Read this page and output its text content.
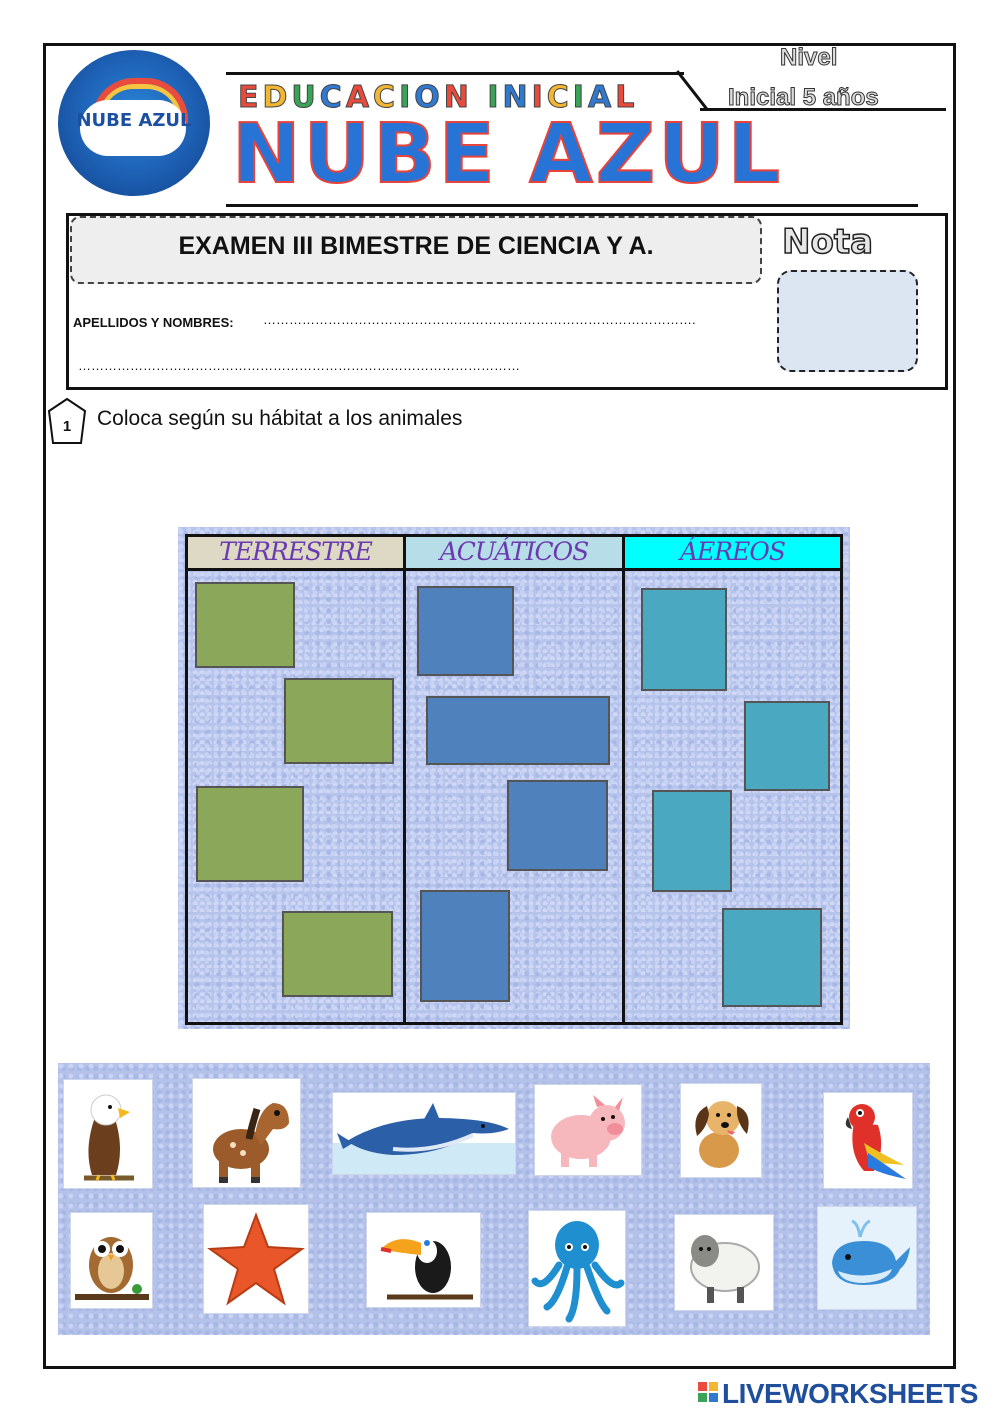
NUBE AZUL
EDUCACION INICIAL
Nivel
Inicial 5 años
NUBE AZUL
EXAMEN III BIMESTRE DE CIENCIA Y A.	Nota
APELLIDOS Y NOMBRES: ……………………………………………………………………………………….
…………………………………………………………………………………………
1 Coloca según su hábitat a los animales
TERRESTRE	ACUÁTICOS	ÁEREOS
LIVEWORKSHEETS
